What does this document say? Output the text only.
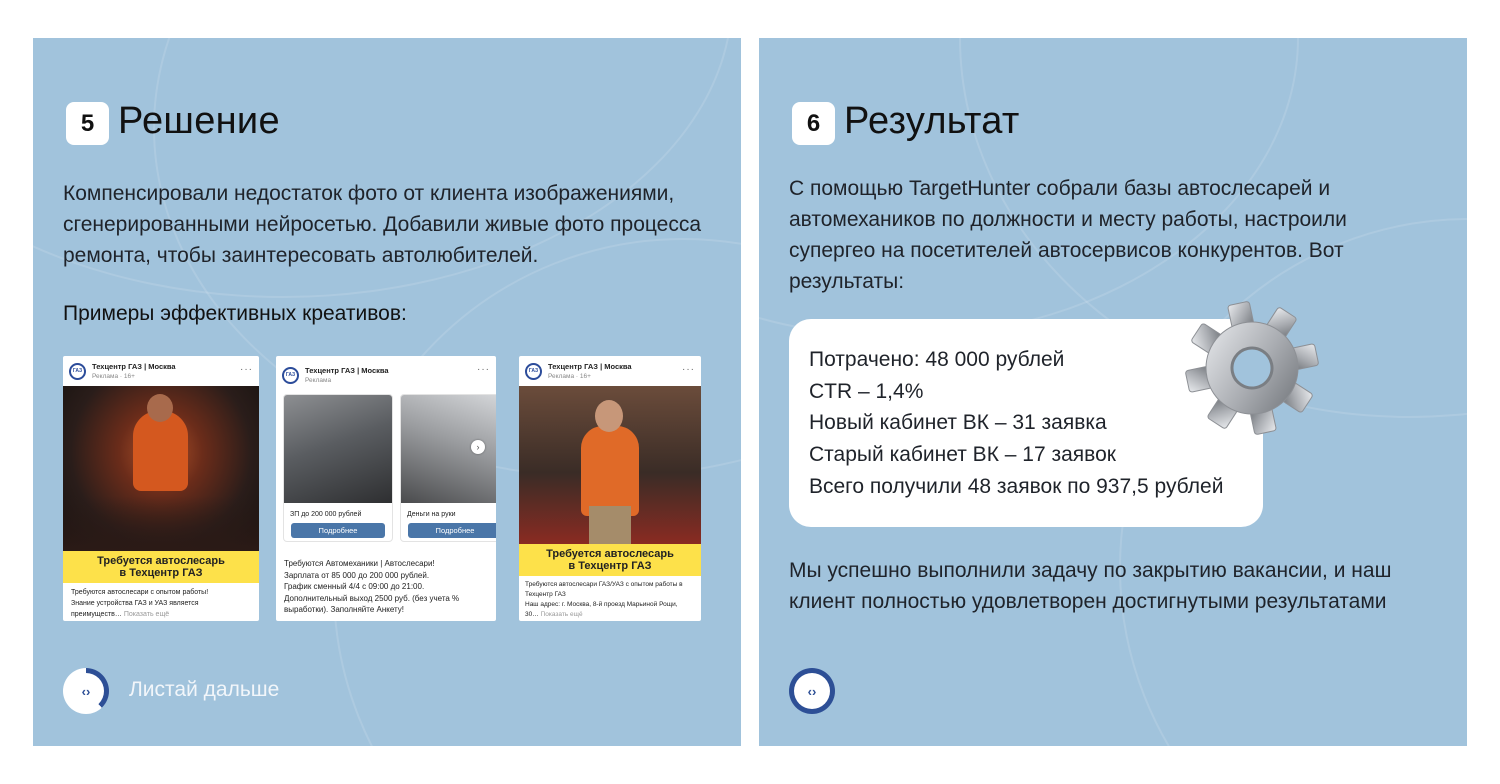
5 Решение
Компенсировали недостаток фото от клиента изображениями,
сгенерированными нейросетью. Добавили живые фото процесса
ремонта, чтобы заинтересовать автолюбителей.
Примеры эффективных креативов:
ГАЗ
Техцентр ГАЗ | Москва
Реклама · 16+
···
Требуется автослесарь
в Техцентр ГАЗ
Требуются автослесари с опытом работы!
Знание устройства ГАЗ и УАЗ является
преимуществ… Показать ещё
ГАЗ
Техцентр ГАЗ | Москва
Реклама
···
ЗП до 200 000 рублей
Подробнее
Деньги на руки
Подробнее
›
Требуются Автомеханики | Автослесари!
Зарплата от 85 000 до 200 000 рублей.
График сменный 4/4 с 09:00 до 21:00.
Дополнительный выход 2500 руб. (без учета %
выработки). Заполняйте Анкету!
ГАЗ
Техцентр ГАЗ | Москва
Реклама · 16+
···
Требуется автослесарь
в Техцентр ГАЗ
Требуются автослесари ГАЗ/УАЗ с опытом работы в
Техцентр ГАЗ
Наш адрес: г. Москва, 8-й проезд Марьиной Рощи,
30… Показать ещё
‹›	Листай дальше
6 Результат
С помощью TargetHunter собрали базы автослесарей и
автомехаников по должности и месту работы, настроили
супергео на посетителей автосервисов конкурентов. Вот
результаты:
Потрачено: 48 000 рублей
CTR – 1,4%
Новый кабинет ВК – 31 заявка
Старый кабинет ВК – 17 заявок
Всего получили 48 заявок по 937,5 рублей
Мы успешно выполнили задачу по закрытию вакансии, и наш
клиент полностью удовлетворен достигнутыми результатами
‹›
